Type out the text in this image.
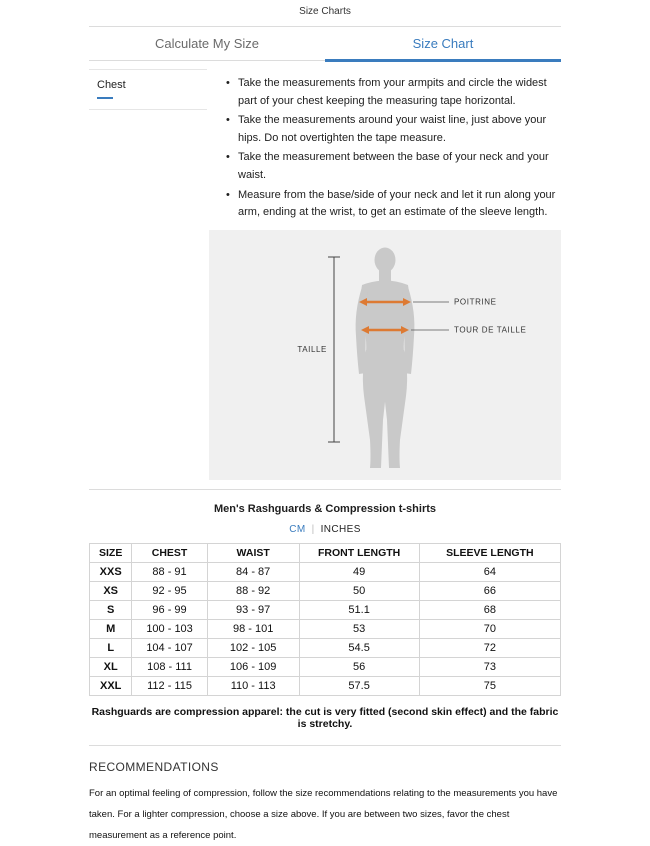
Size Charts
Calculate My Size	Size Chart
Chest	• Take the measurements from your armpits and circle the widest part of your chest keeping the measuring tape horizontal.
• Take the measurements around your waist line, just above your hips. Do not overtighten the tape measure.
• Take the measurement between the base of your neck and your waist.
• Measure from the base/side of your neck and let it run along your arm, ending at the wrist, to get an estimate of the sleeve length.
TAILLE
POITRINE
TOUR DE TAILLE
Men's Rashguards & Compression t-shirts
CM | INCHES
SIZE	CHEST	WAIST	FRONT LENGTH	SLEEVE LENGTH
XXS	88 - 91	84 - 87	49	64
XS	92 - 95	88 - 92	50	66
S	96 - 99	93 - 97	51.1	68
M	100 - 103	98 - 101	53	70
L	104 - 107	102 - 105	54.5	72
XL	108 - 111	106 - 109	56	73
XXL	112 - 115	110 - 113	57.5	75
Rashguards are compression apparel: the cut is very fitted (second skin effect) and the fabric is stretchy.
RECOMMENDATIONS

For an optimal feeling of compression, follow the size recommendations relating to the measurements you have taken. For a lighter compression, choose a size above. If you are between two sizes, favor the chest measurement as a reference point.
